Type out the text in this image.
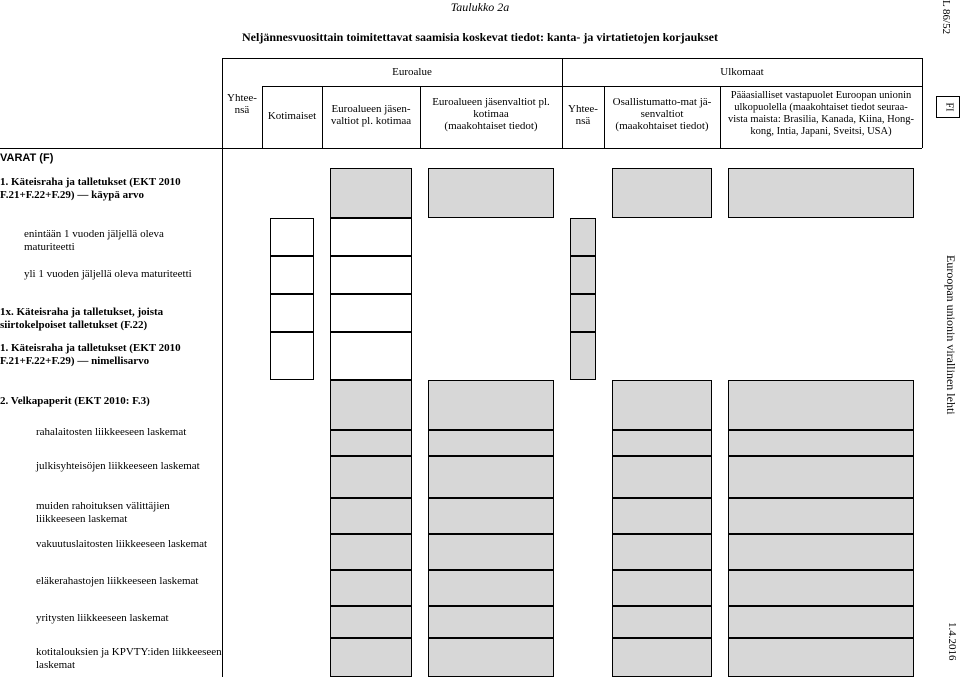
Taulukko 2a
Neljännesvuosittain toimitettavat saamisia koskevat tiedot: kanta- ja virtatietojen korjaukset
Euroalue	Ulkomaat
Yhtee-
nsä	Kotimaiset
Euroalueen jäsen-
valtiot pl. kotimaa
Euroalueen jäsenvaltiot pl.
kotimaa
(maakohtaiset tiedot)
Yhtee-
nsä
Osallistumatto-mat jä-
senvaltiot
(maakohtaiset tiedot)
Pääasialliset vastapuolet Euroopan unionin
ulkopuolella (maakohtaiset tiedot seuraa-
vista maista: Brasilia, Kanada, Kiina, Hong-
kong, Intia, Japani, Sveitsi, USA)
VARAT (F)
1. Käteisraha ja talletukset (EKT 2010 F.21+F.22+F.29) — käypä arvo
enintään 1 vuoden jäljellä oleva maturiteetti
yli 1 vuoden jäljellä oleva maturiteetti
1x. Käteisraha ja talletukset, joista siirtokelpoiset talletukset (F.22)
1. Käteisraha ja talletukset (EKT 2010 F.21+F.22+F.29) — nimellisarvo
2. Velkapaperit (EKT 2010: F.3)
rahalaitosten liikkeeseen laskemat
julkisyhteisöjen liikkeeseen laskemat
muiden rahoituksen välittäjien liikkeeseen laskemat
vakuutuslaitosten liikkeeseen laskemat
eläkerahastojen liikkeeseen laskemat
yritysten liikkeeseen laskemat
kotitalouksien ja KPVTY:iden liikkeeseen laskemat
L 86/52
FI
Euroopan unionin virallinen lehti
1.4.2016
